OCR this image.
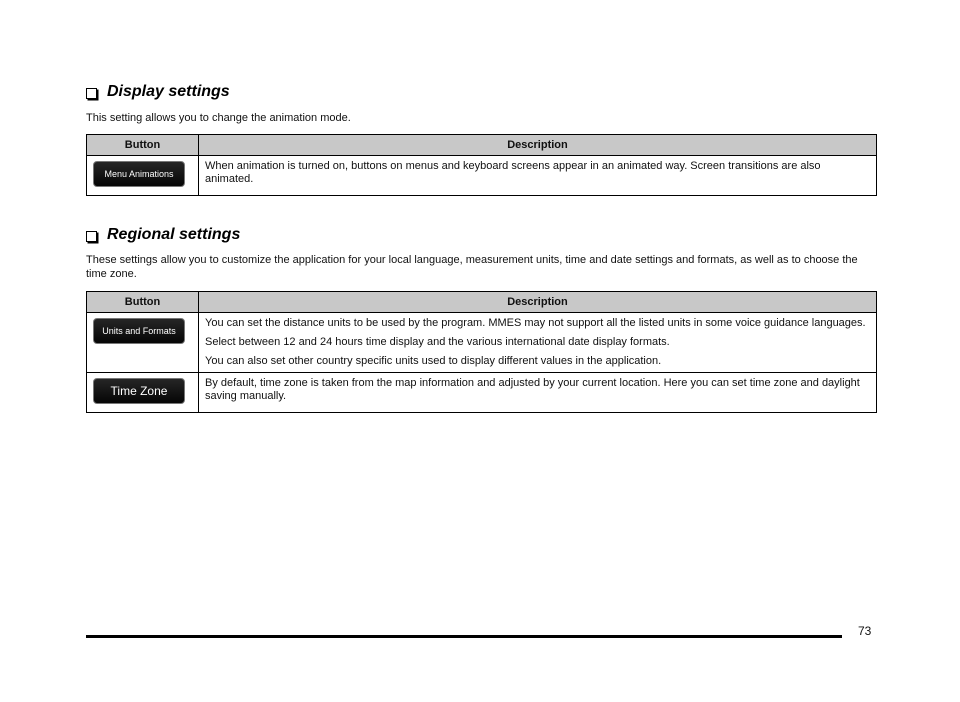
Display settings

This setting allows you to change the animation mode.

Button	Description

Menu Animations	When animation is turned on, buttons on menus and keyboard screens appear in an animated way. Screen transitions are also animated.

Regional settings

These settings allow you to customize the application for your local language, measurement units, time and date settings and formats, as well as to choose the time zone.

Button	Description

Units and Formats	You can set the distance units to be used by the program. MMES may not support all the listed units in some voice guidance languages.

Select between 12 and 24 hours time display and the various international date display formats.

You can also set other country specific units used to display different values in the application.

Time Zone	By default, time zone is taken from the map information and adjusted by your current location. Here you can set time zone and daylight saving manually.

73
